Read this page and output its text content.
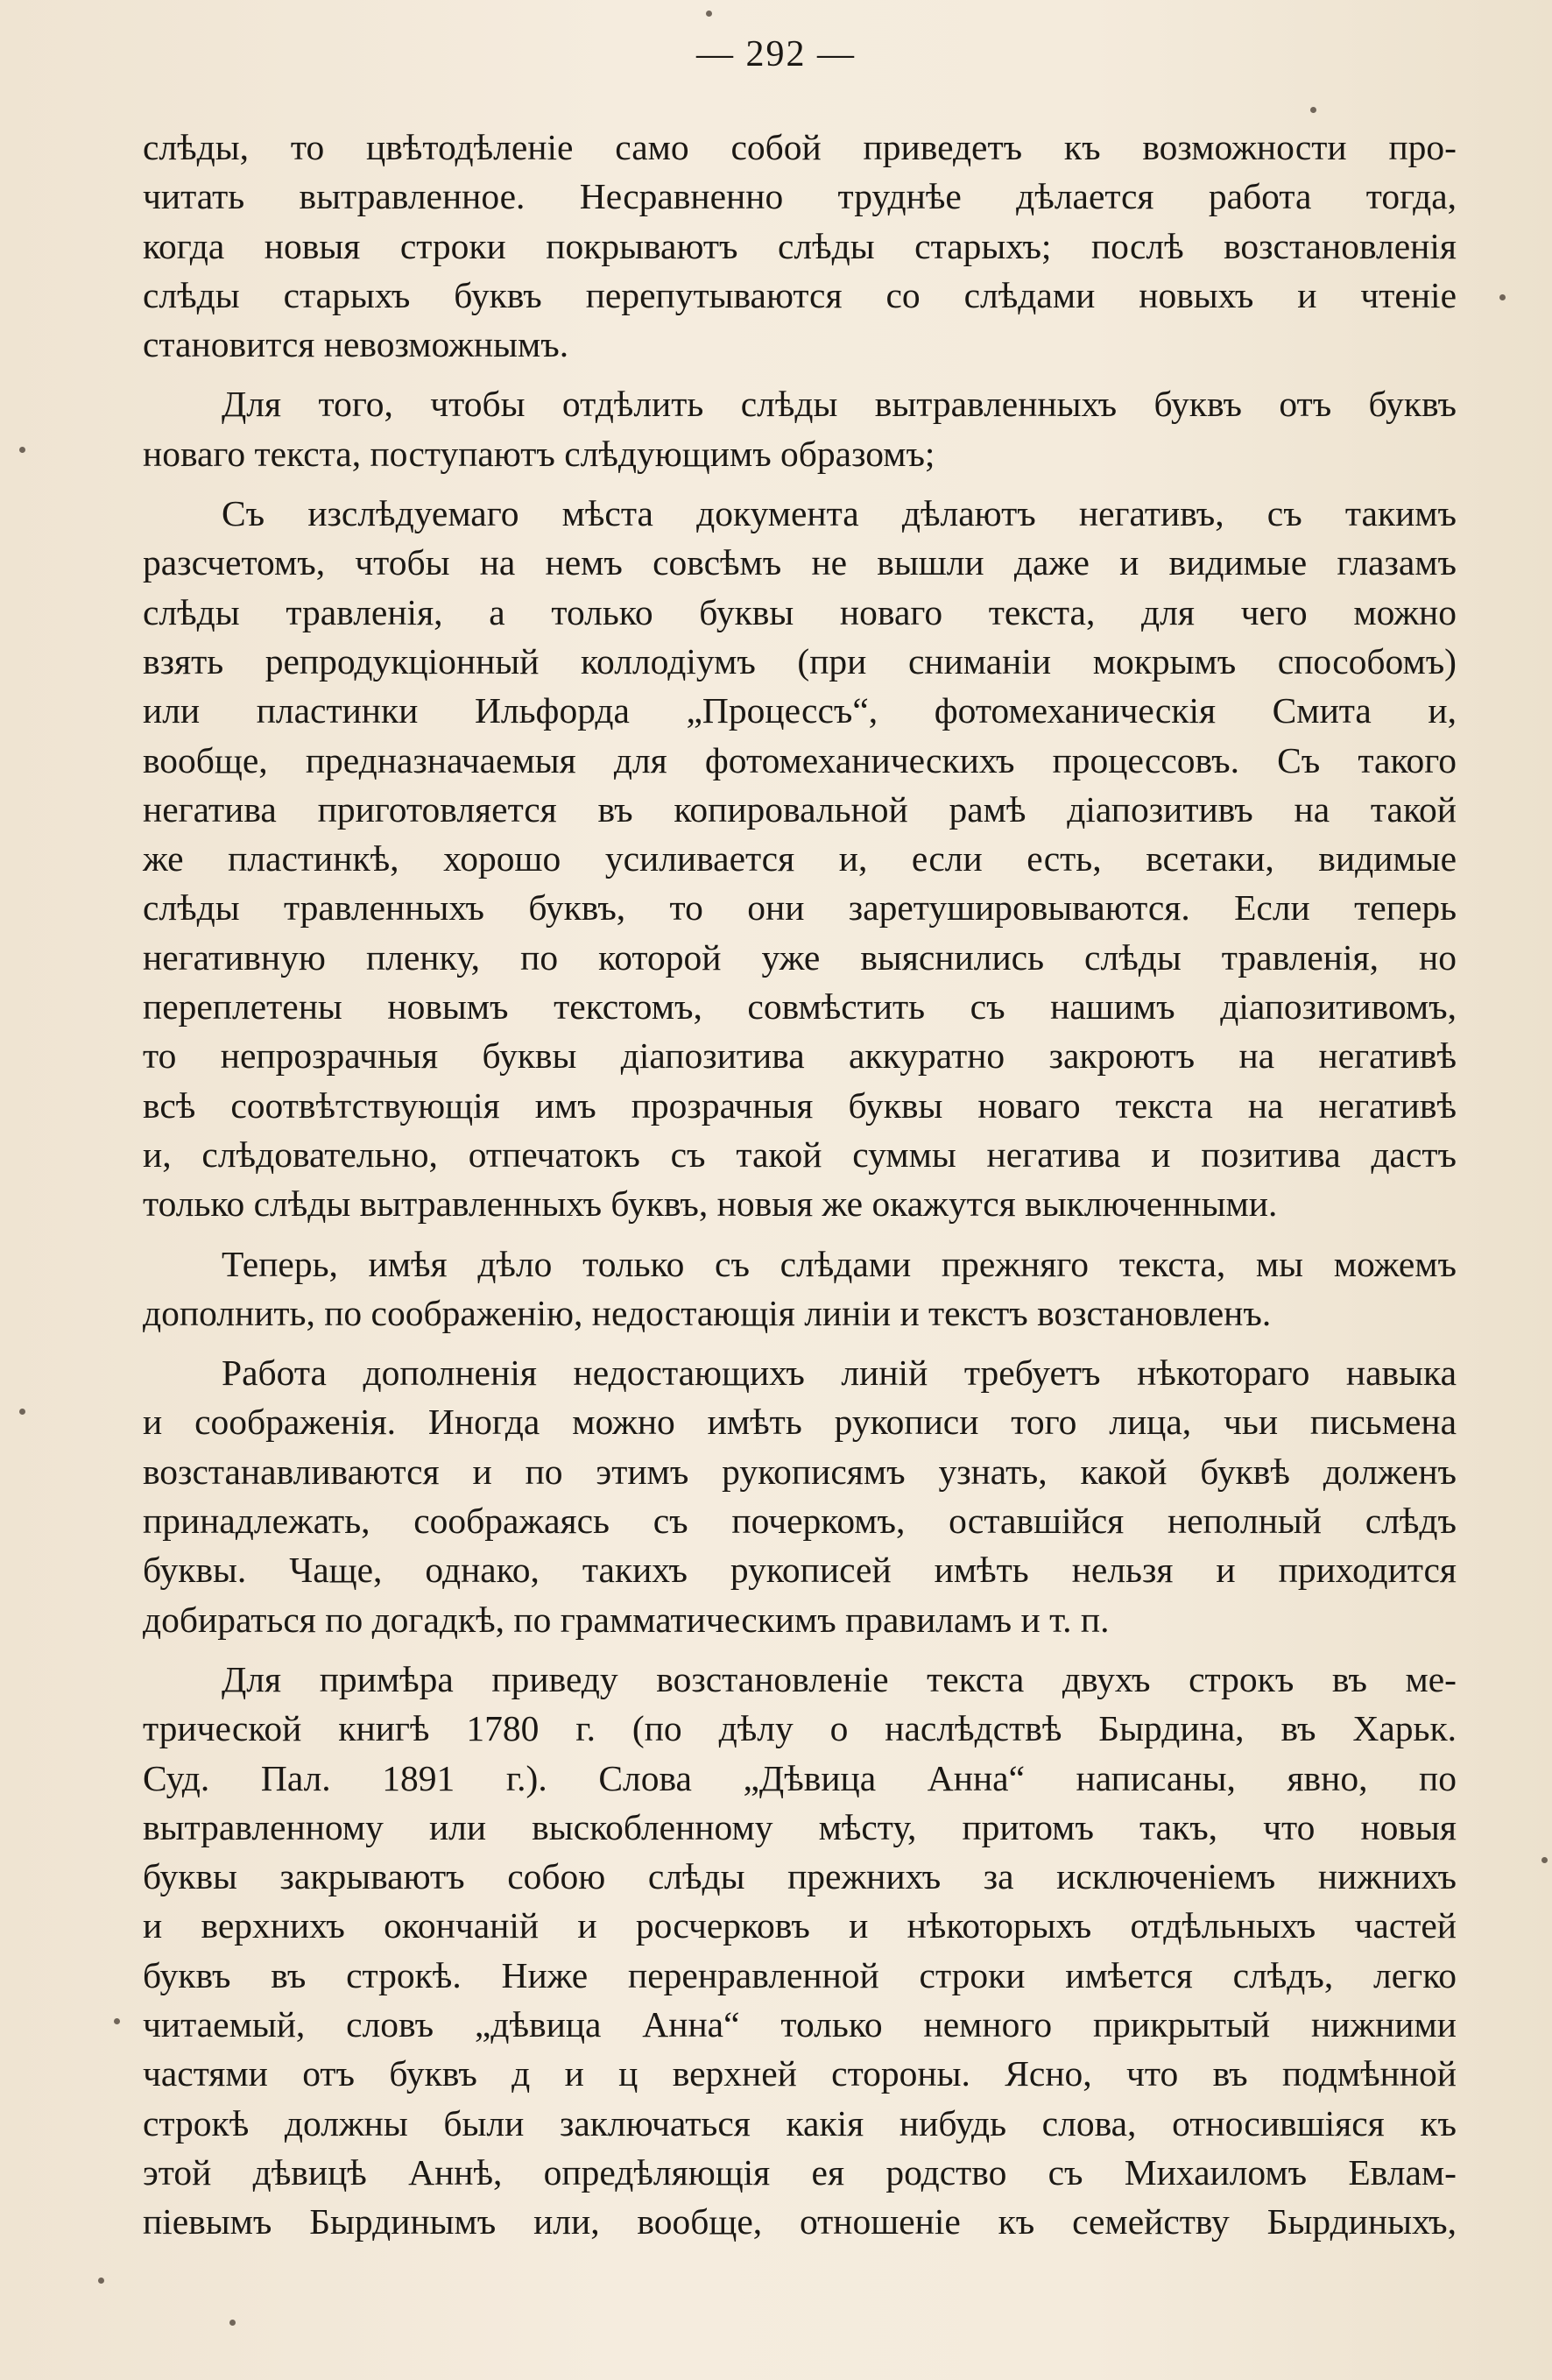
— 292 —
слѣды, то цвѣтодѣленіе само собой приведетъ къ возможности про-
читать вытравленное. Несравненно труднѣе дѣлается работа тогда,
когда новыя строки покрываютъ слѣды старыхъ; послѣ возстановленія
слѣды старыхъ буквъ перепутываются со слѣдами новыхъ и чтеніе
становится невозможнымъ.
Для того, чтобы отдѣлить слѣды вытравленныхъ буквъ отъ буквъ
новаго текста, поступаютъ слѣдующимъ образомъ;
Съ изслѣдуемаго мѣста документа дѣлаютъ негативъ, съ такимъ
разсчетомъ, чтобы на немъ совсѣмъ не вышли даже и видимые глазамъ
слѣды травленія, а только буквы новаго текста, для чего можно
взять репродукціонный коллодіумъ (при сниманіи мокрымъ способомъ)
или пластинки Ильфорда „Процессъ“, фотомеханическія Смита и,
вообще, предназначаемыя для фотомеханическихъ процессовъ. Съ такого
негатива приготовляется въ копировальной рамѣ діапозитивъ на такой
же пластинкѣ, хорошо усиливается и, если есть, всетаки, видимые
слѣды травленныхъ буквъ, то они заретушировываются. Если теперь
негативную пленку, по которой уже выяснились слѣды травленія, но
переплетены новымъ текстомъ, совмѣстить съ нашимъ діапозитивомъ,
то непрозрачныя буквы діапозитива аккуратно закроютъ на негативѣ
всѣ соотвѣтствующія имъ прозрачныя буквы новаго текста на негативѣ
и, слѣдовательно, отпечатокъ съ такой суммы негатива и позитива дастъ
только слѣды вытравленныхъ буквъ, новыя же окажутся выключенными.
Теперь, имѣя дѣло только съ слѣдами прежняго текста, мы можемъ
дополнить, по соображенію, недостающія линіи и текстъ возстановленъ.
Работа дополненія недостающихъ линій требуетъ нѣкотораго навыка
и соображенія. Иногда можно имѣть рукописи того лица, чьи письмена
возстанавливаются и по этимъ рукописямъ узнать, какой буквѣ долженъ
принадлежать, соображаясь съ почеркомъ, оставшійся неполный слѣдъ
буквы. Чаще, однако, такихъ рукописей имѣть нельзя и приходится
добираться по догадкѣ, по грамматическимъ правиламъ и т. п.
Для примѣра приведу возстановленіе текста двухъ строкъ въ ме-
трической книгѣ 1780 г. (по дѣлу о наслѣдствѣ Бырдина, въ Харьк.
Суд. Пал. 1891 г.). Слова „Дѣвица Анна“ написаны, явно, по
вытравленному или выскобленному мѣсту, притомъ такъ, что новыя
буквы закрываютъ собою слѣды прежнихъ за исключеніемъ нижнихъ
и верхнихъ окончаній и росчерковъ и нѣкоторыхъ отдѣльныхъ частей
буквъ въ строкѣ. Ниже перенравленной строки имѣется слѣдъ, легко
читаемый, словъ „дѣвица Анна“ только немного прикрытый нижними
частями отъ буквъ д и ц верхней стороны. Ясно, что въ подмѣнной
строкѣ должны были заключаться какія нибудь слова, относившіяся къ
этой дѣвицѣ Аннѣ, опредѣляющія ея родство съ Михаиломъ Евлам-
піевымъ Бырдинымъ или, вообще, отношеніе къ семейству Бырдиныхъ,
